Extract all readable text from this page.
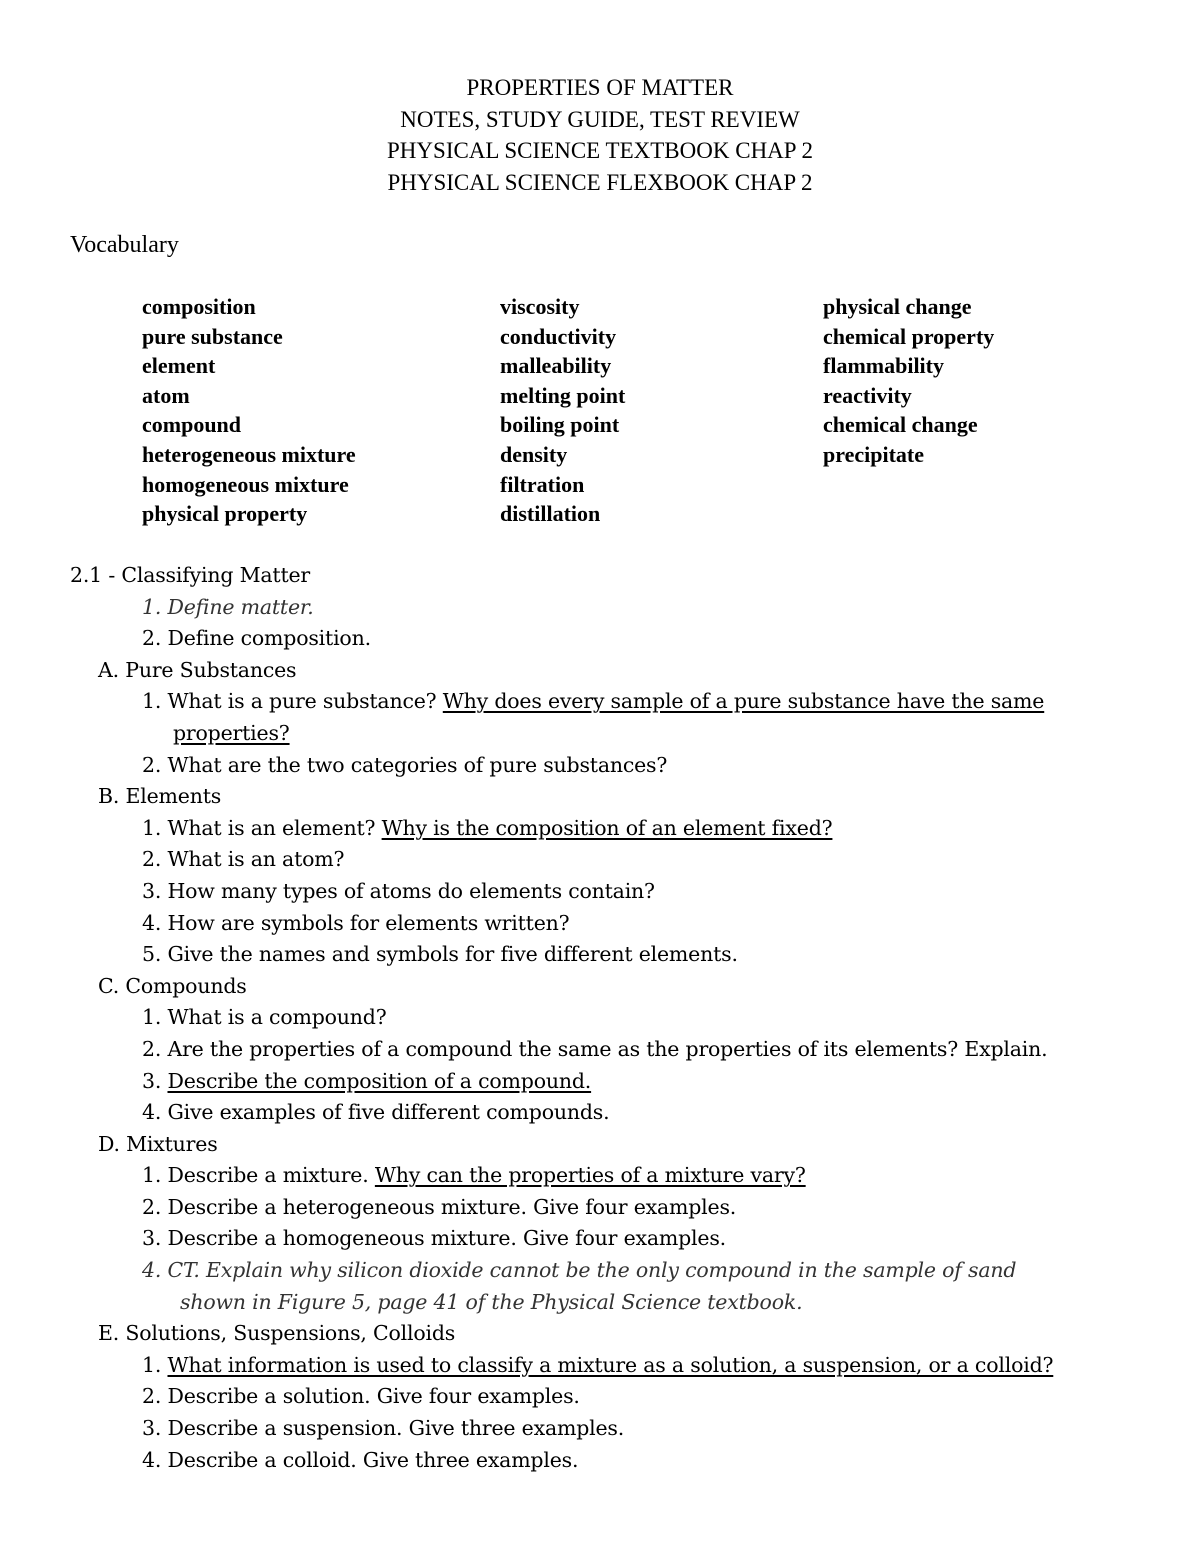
PROPERTIES OF MATTER
NOTES, STUDY GUIDE, TEST REVIEW
PHYSICAL SCIENCE TEXTBOOK CHAP 2
PHYSICAL SCIENCE FLEXBOOK CHAP 2
Vocabulary
composition
pure substance
element
atom
compound
heterogeneous mixture
homogeneous mixture
physical property
viscosity
conductivity
malleability
melting point
boiling point
density
filtration
distillation
physical change
chemical property
flammability
reactivity
chemical change
precipitate
2.1 - Classifying Matter
1. Define matter.
2. Define composition.
A. Pure Substances
1. What is a pure substance? Why does every sample of a pure substance have the same
properties?
2. What are the two categories of pure substances?
B. Elements
1. What is an element? Why is the composition of an element fixed?
2. What is an atom?
3. How many types of atoms do elements contain?
4. How are symbols for elements written?
5. Give the names and symbols for five different elements.
C. Compounds
1. What is a compound?
2. Are the properties of a compound the same as the properties of its elements? Explain.
3. Describe the composition of a compound.
4. Give examples of five different compounds.
D. Mixtures
1. Describe a mixture. Why can the properties of a mixture vary?
2. Describe a heterogeneous mixture. Give four examples.
3. Describe a homogeneous mixture. Give four examples.
4. CT. Explain why silicon dioxide cannot be the only compound in the sample of sand
shown in Figure 5, page 41 of the Physical Science textbook.
E. Solutions, Suspensions, Colloids
1. What information is used to classify a mixture as a solution, a suspension, or a colloid?
2. Describe a solution. Give four examples.
3. Describe a suspension. Give three examples.
4. Describe a colloid. Give three examples.
